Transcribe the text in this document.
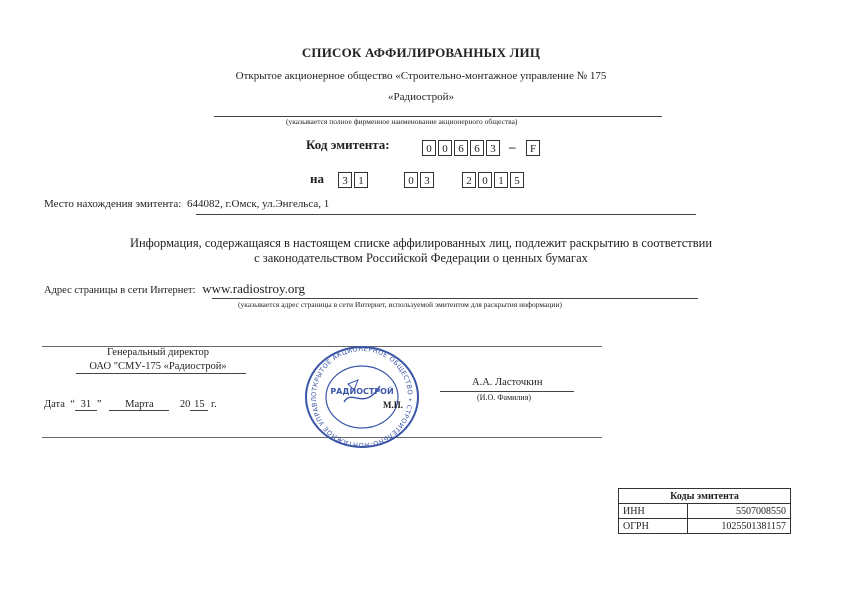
СПИСОК АФФИЛИРОВАННЫХ ЛИЦ
Открытое акционерное общество «Строительно-монтажное управление № 175
«Радиострой»
(указывается полное фирменное наименование акционерного общества)
Код эмитента:	0 0 6 6 3	–	F
на	3 1	0 3	2 0 1 5
Место нахождения эмитента: 644082, г.Омск, ул.Энгельса, 1
Информация, содержащаяся в настоящем списке аффилированных лиц, подлежит раскрытию в соответствии
с законодательством Российской Федерации о ценных бумагах
Адрес страницы в сети Интернет: www.radiostroy.org
(указывается адрес страницы в сети Интернет, используемой эмитентом для раскрытия информации)
Генеральный директор
ОАО "СМУ-175 «Радиострой»
Дата  “ 31 ”   Марта	20 15 г.
А.А. Ласточкин
(И.О. Фамилия)
ОТКРЫТОЕ АКЦИОНЕРНОЕ ОБЩЕСТВО • СТРОИТЕЛЬНО-МОНТАЖНОЕ УПРАВЛ
РАДИОСТРОЙ
М.П.
Коды эмитента	
ИНН	5507008550
ОГРН	1025501381157
